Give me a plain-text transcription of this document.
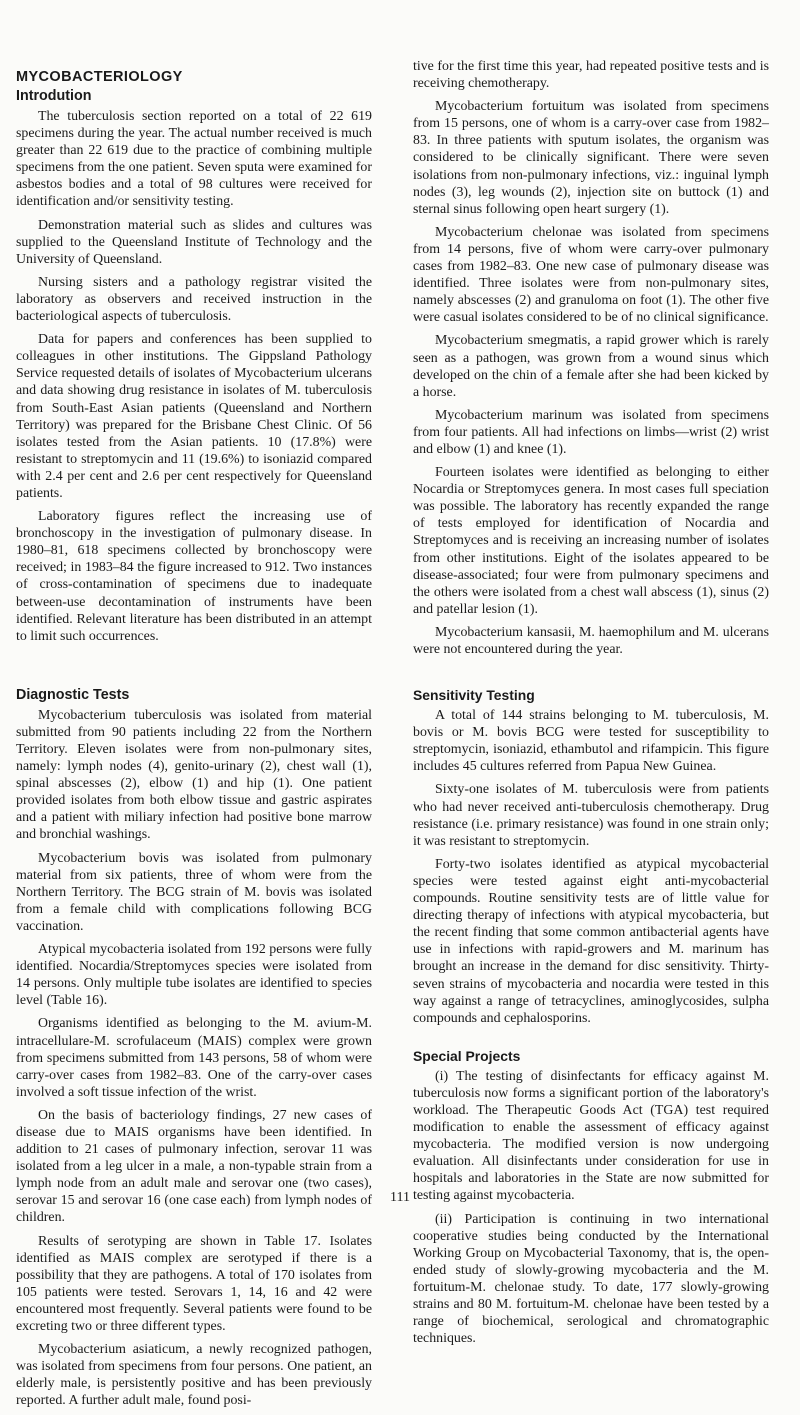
MYCOBACTERIOLOGY
Introdution

The tuberculosis section reported on a total of 22 619 specimens during the year. The actual number received is much greater than 22 619 due to the practice of combining multiple specimens from the one patient. Seven sputa were examined for asbestos bodies and a total of 98 cultures were received for identification and/or sensitivity testing.

Demonstration material such as slides and cultures was supplied to the Queensland Institute of Technology and the University of Queensland.

Nursing sisters and a pathology registrar visited the laboratory as observers and received instruction in the bacteriological aspects of tuberculosis.

Data for papers and conferences has been supplied to colleagues in other institutions. The Gippsland Pathology Service requested details of isolates of Mycobacterium ulcerans and data showing drug resistance in isolates of M. tuberculosis from South-East Asian patients (Queensland and Northern Territory) was prepared for the Brisbane Chest Clinic. Of 56 isolates tested from the Asian patients. 10 (17.8%) were resistant to streptomycin and 11 (19.6%) to isoniazid compared with 2.4 per cent and 2.6 per cent respectively for Queensland patients.

Laboratory figures reflect the increasing use of bronchoscopy in the investigation of pulmonary disease. In 1980–81, 618 specimens collected by bronchoscopy were received; in 1983–84 the figure increased to 912. Two instances of cross-contamination of specimens due to inadequate between-use decontamination of instruments have been identified. Relevant literature has been distributed in an attempt to limit such occurrences.

Diagnostic Tests

Mycobacterium tuberculosis was isolated from material submitted from 90 patients including 22 from the Northern Territory. Eleven isolates were from non-pulmonary sites, namely: lymph nodes (4), genito-urinary (2), chest wall (1), spinal abscesses (2), elbow (1) and hip (1). One patient provided isolates from both elbow tissue and gastric aspirates and a patient with miliary infection had positive bone marrow and bronchial washings.

Mycobacterium bovis was isolated from pulmonary material from six patients, three of whom were from the Northern Territory. The BCG strain of M. bovis was isolated from a female child with complications following BCG vaccination.

Atypical mycobacteria isolated from 192 persons were fully identified. Nocardia/Streptomyces species were isolated from 14 persons. Only multiple tube isolates are identified to species level (Table 16).

Organisms identified as belonging to the M. avium-M. intracellulare-M. scrofulaceum (MAIS) complex were grown from specimens submitted from 143 persons, 58 of whom were carry-over cases from 1982–83. One of the carry-over cases involved a soft tissue infection of the wrist.

On the basis of bacteriology findings, 27 new cases of disease due to MAIS organisms have been identified. In addition to 21 cases of pulmonary infection, serovar 11 was isolated from a leg ulcer in a male, a non-typable strain from a lymph node from an adult male and serovar one (two cases), serovar 15 and serovar 16 (one case each) from lymph nodes of children.

Results of serotyping are shown in Table 17. Isolates identified as MAIS complex are serotyped if there is a possibility that they are pathogens. A total of 170 isolates from 105 patients were tested. Serovars 1, 14, 16 and 42 were encountered most frequently. Several patients were found to be excreting two or three different types.

Mycobacterium asiaticum, a newly recognized pathogen, was isolated from specimens from four persons. One patient, an elderly male, is persistently positive and has been previously reported. A further adult male, found posi-

tive for the first time this year, had repeated positive tests and is receiving chemotherapy.

Mycobacterium fortuitum was isolated from specimens from 15 persons, one of whom is a carry-over case from 1982–83. In three patients with sputum isolates, the organism was considered to be clinically significant. There were seven isolations from non-pulmonary infections, viz.: inguinal lymph nodes (3), leg wounds (2), injection site on buttock (1) and sternal sinus following open heart surgery (1).

Mycobacterium chelonae was isolated from specimens from 14 persons, five of whom were carry-over pulmonary cases from 1982–83. One new case of pulmonary disease was identified. Three isolates were from non-pulmonary sites, namely abscesses (2) and granuloma on foot (1). The other five were casual isolates considered to be of no clinical significance.

Mycobacterium smegmatis, a rapid grower which is rarely seen as a pathogen, was grown from a wound sinus which developed on the chin of a female after she had been kicked by a horse.

Mycobacterium marinum was isolated from specimens from four patients. All had infections on limbs—wrist (2) wrist and elbow (1) and knee (1).

Fourteen isolates were identified as belonging to either Nocardia or Streptomyces genera. In most cases full speciation was possible. The laboratory has recently expanded the range of tests employed for identification of Nocardia and Streptomyces and is receiving an increasing number of isolates from other institutions. Eight of the isolates appeared to be disease-associated; four were from pulmonary specimens and the others were isolated from a chest wall abscess (1), sinus (2) and patellar lesion (1).

Mycobacterium kansasii, M. haemophilum and M. ulcerans were not encountered during the year.

Sensitivity Testing

A total of 144 strains belonging to M. tuberculosis, M. bovis or M. bovis BCG were tested for susceptibility to streptomycin, isoniazid, ethambutol and rifampicin. This figure includes 45 cultures referred from Papua New Guinea.

Sixty-one isolates of M. tuberculosis were from patients who had never received anti-tuberculosis chemotherapy. Drug resistance (i.e. primary resistance) was found in one strain only; it was resistant to streptomycin.

Forty-two isolates identified as atypical mycobacterial species were tested against eight anti-mycobacterial compounds. Routine sensitivity tests are of little value for directing therapy of infections with atypical mycobacteria, but the recent finding that some common antibacterial agents have use in infections with rapid-growers and M. marinum has brought an increase in the demand for disc sensitivity. Thirty-seven strains of mycobacteria and nocardia were tested in this way against a range of tetracyclines, aminoglycosides, sulpha compounds and cephalosporins.

Special Projects

(i) The testing of disinfectants for efficacy against M. tuberculosis now forms a significant portion of the laboratory's workload. The Therapeutic Goods Act (TGA) test required modification to enable the assessment of efficacy against mycobacteria. The modified version is now undergoing evaluation. All disinfectants under consideration for use in hospitals and laboratories in the State are now submitted for testing against mycobacteria.

(ii) Participation is continuing in two international cooperative studies being conducted by the International Working Group on Mycobacterial Taxonomy, that is, the open-ended study of slowly-growing mycobacteria and the M. fortuitum-M. chelonae study. To date, 177 slowly-growing strains and 80 M. fortuitum-M. chelonae have been tested by a range of biochemical, serological and chromatographic techniques.

111
